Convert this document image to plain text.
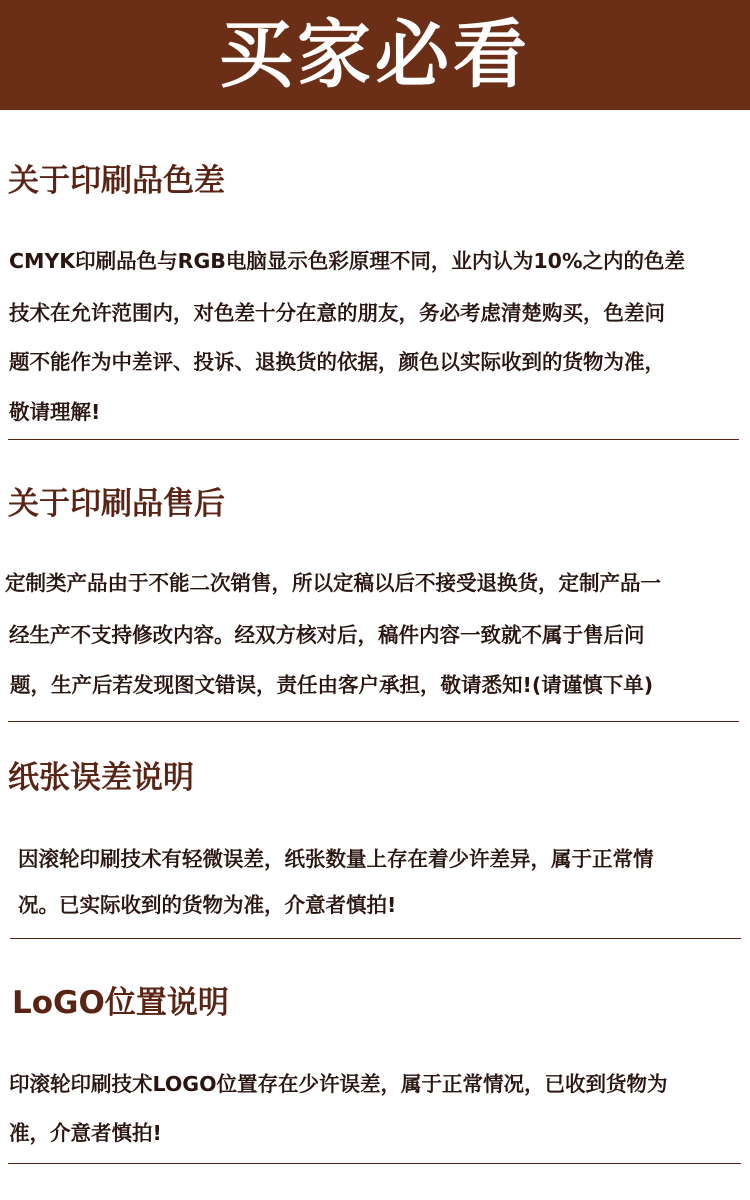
买家必看
关于印刷品色差
CMYK印刷品色与RGB电脑显示色彩原理不同，业内认为10%之内的色差
技术在允许范围内，对色差十分在意的朋友，务必考虑清楚购买，色差问
题不能作为中差评、投诉、退换货的依据，颜色以实际收到的货物为准，
敬请理解!
关于印刷品售后
定制类产品由于不能二次销售，所以定稿以后不接受退换货，定制产品一
经生产不支持修改内容。经双方核对后，稿件内容一致就不属于售后问
题，生产后若发现图文错误，责任由客户承担，敬请悉知!(请谨慎下单)
纸张误差说明
因滚轮印刷技术有轻微误差，纸张数量上存在着少许差异，属于正常情
况。已实际收到的货物为准，介意者慎拍!
LoGO位置说明
印滚轮印刷技术LOGO位置存在少许误差，属于正常情况，已收到货物为
准，介意者慎拍!
